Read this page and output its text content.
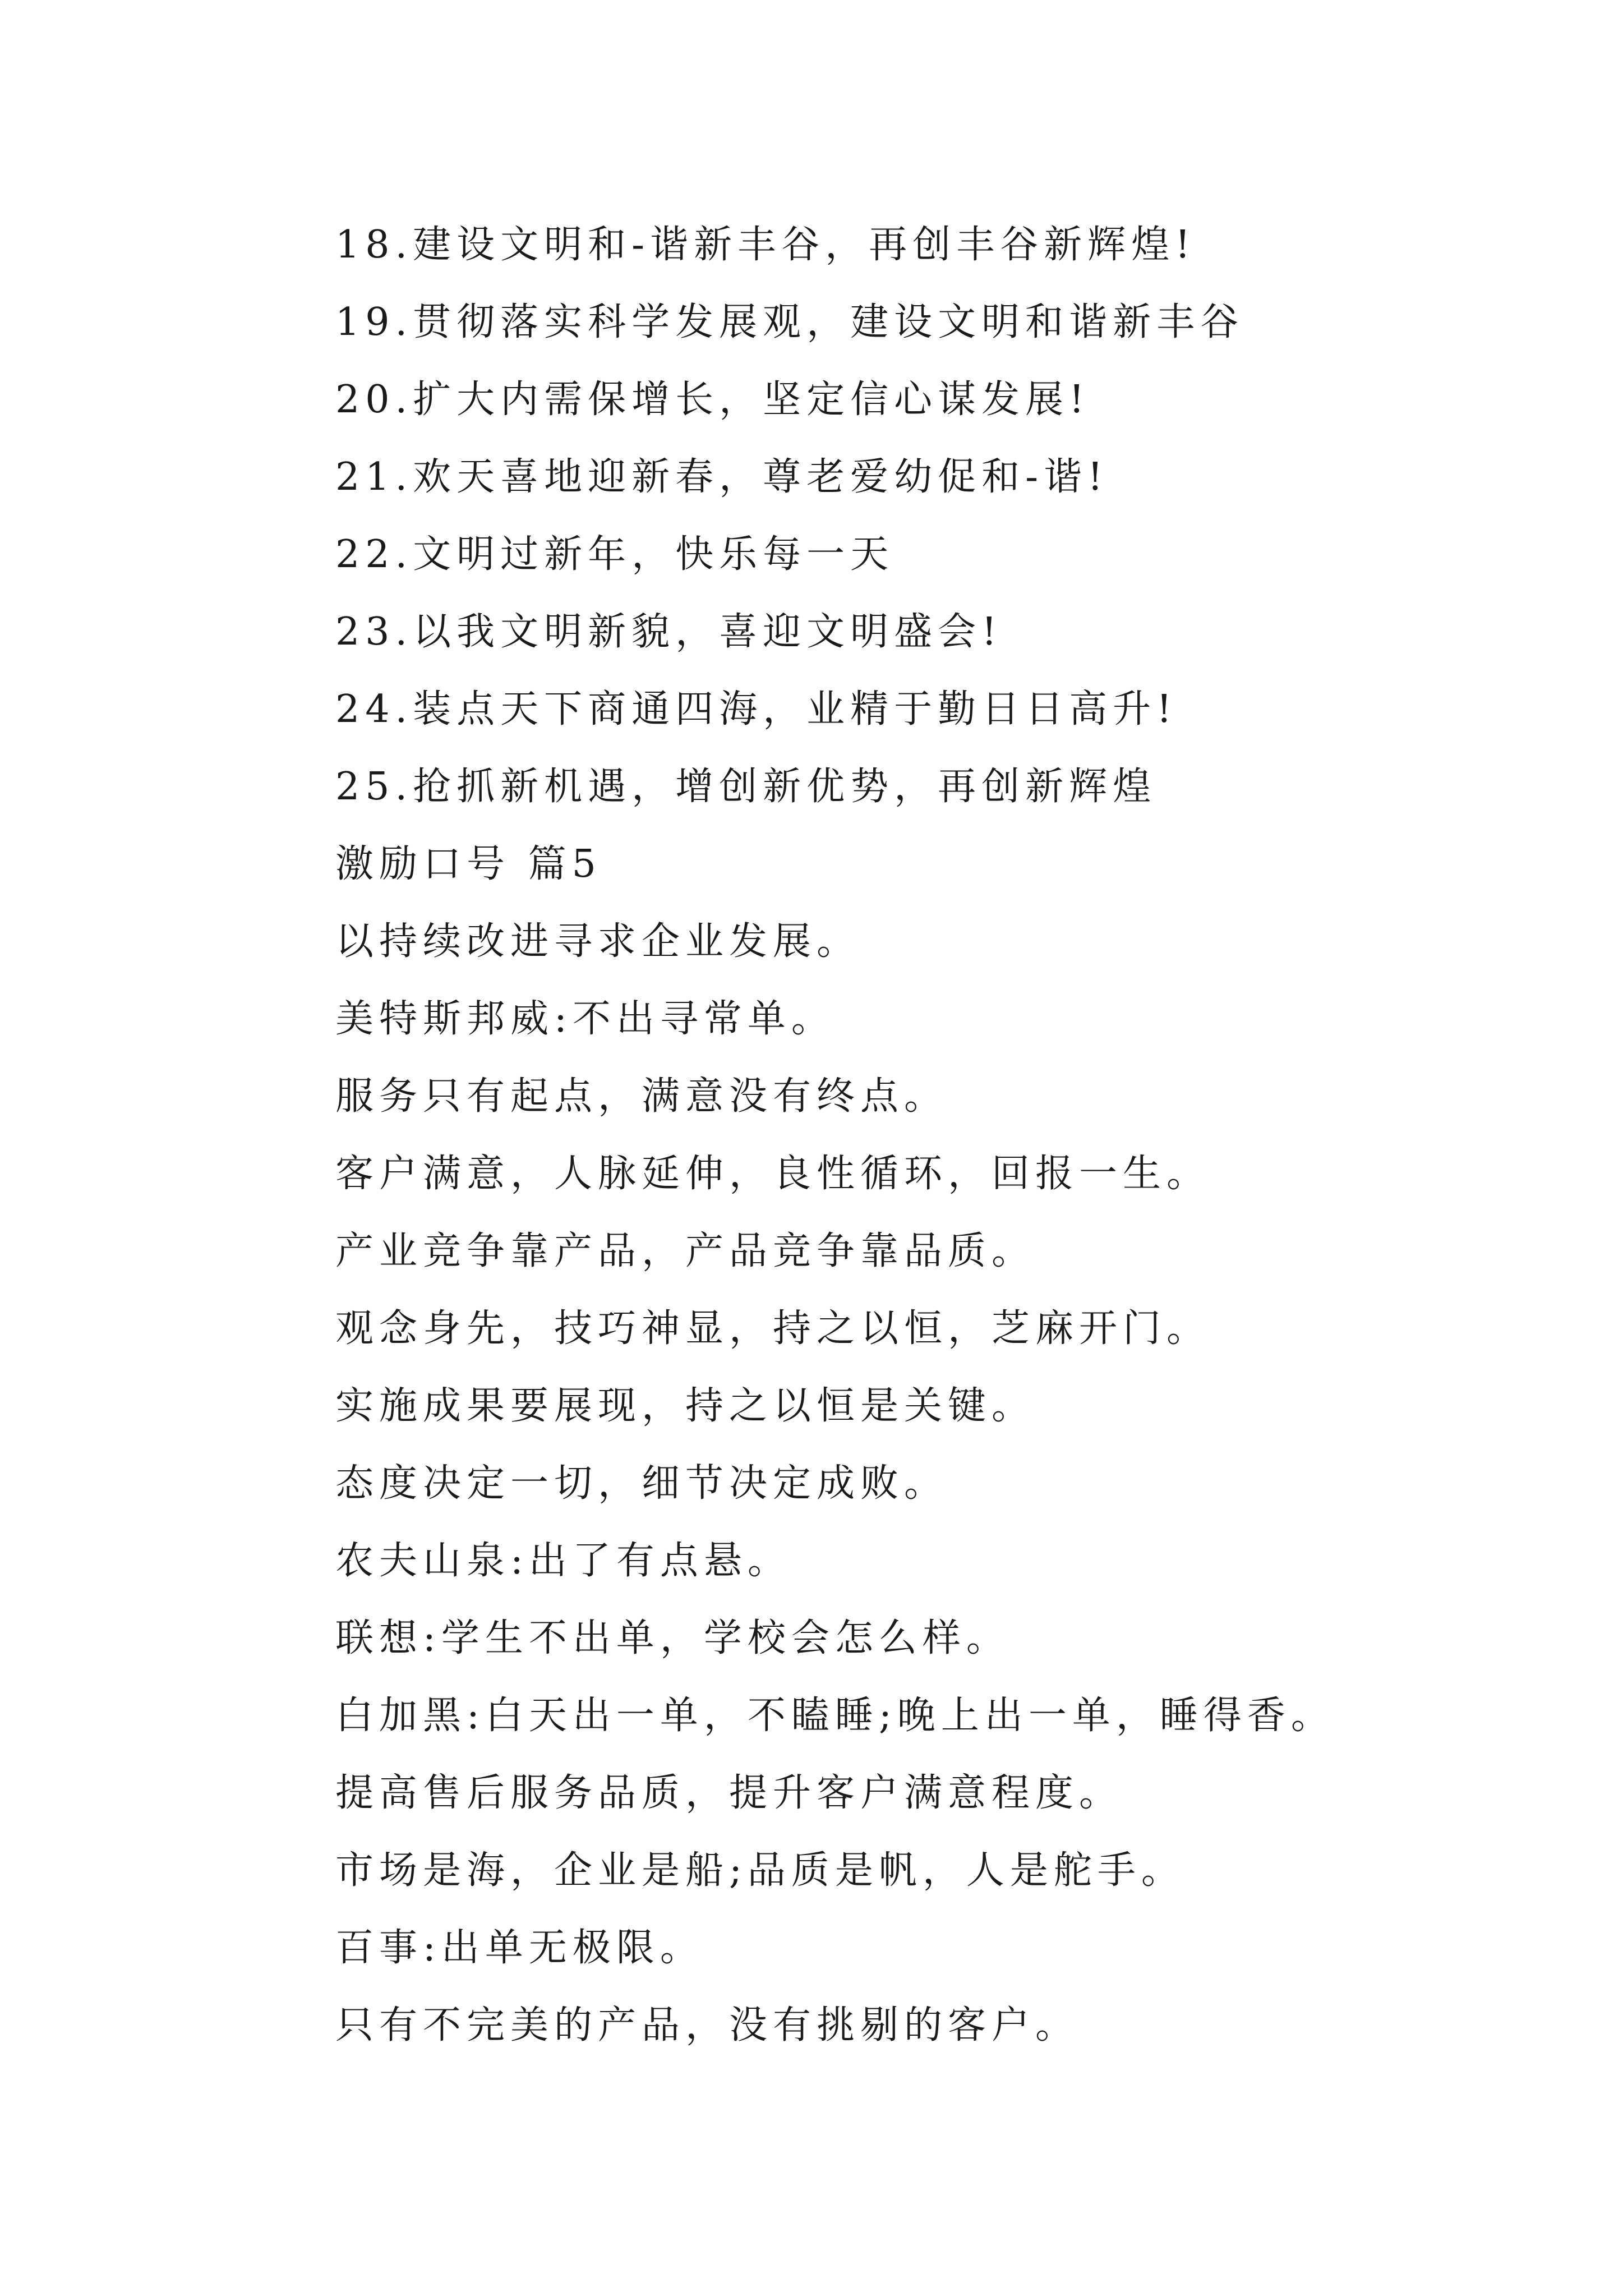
18.建设文明和-谐新丰谷，再创丰谷新辉煌!
19.贯彻落实科学发展观，建设文明和谐新丰谷
20.扩大内需保增长，坚定信心谋发展!
21.欢天喜地迎新春，尊老爱幼促和-谐!
22.文明过新年，快乐每一天
23.以我文明新貌，喜迎文明盛会!
24.装点天下商通四海，业精于勤日日高升!
25.抢抓新机遇，增创新优势，再创新辉煌
激励口号 篇5
以持续改进寻求企业发展。
美特斯邦威:不出寻常单。
服务只有起点，满意没有终点。
客户满意，人脉延伸，良性循环，回报一生。
产业竞争靠产品，产品竞争靠品质。
观念身先，技巧神显，持之以恒，芝麻开门。
实施成果要展现，持之以恒是关键。
态度决定一切，细节决定成败。
农夫山泉:出了有点悬。
联想:学生不出单，学校会怎么样。
白加黑:白天出一单，不瞌睡;晚上出一单，睡得香。
提高售后服务品质，提升客户满意程度。
市场是海，企业是船;品质是帆，人是舵手。
百事:出单无极限。
只有不完美的产品，没有挑剔的客户。
